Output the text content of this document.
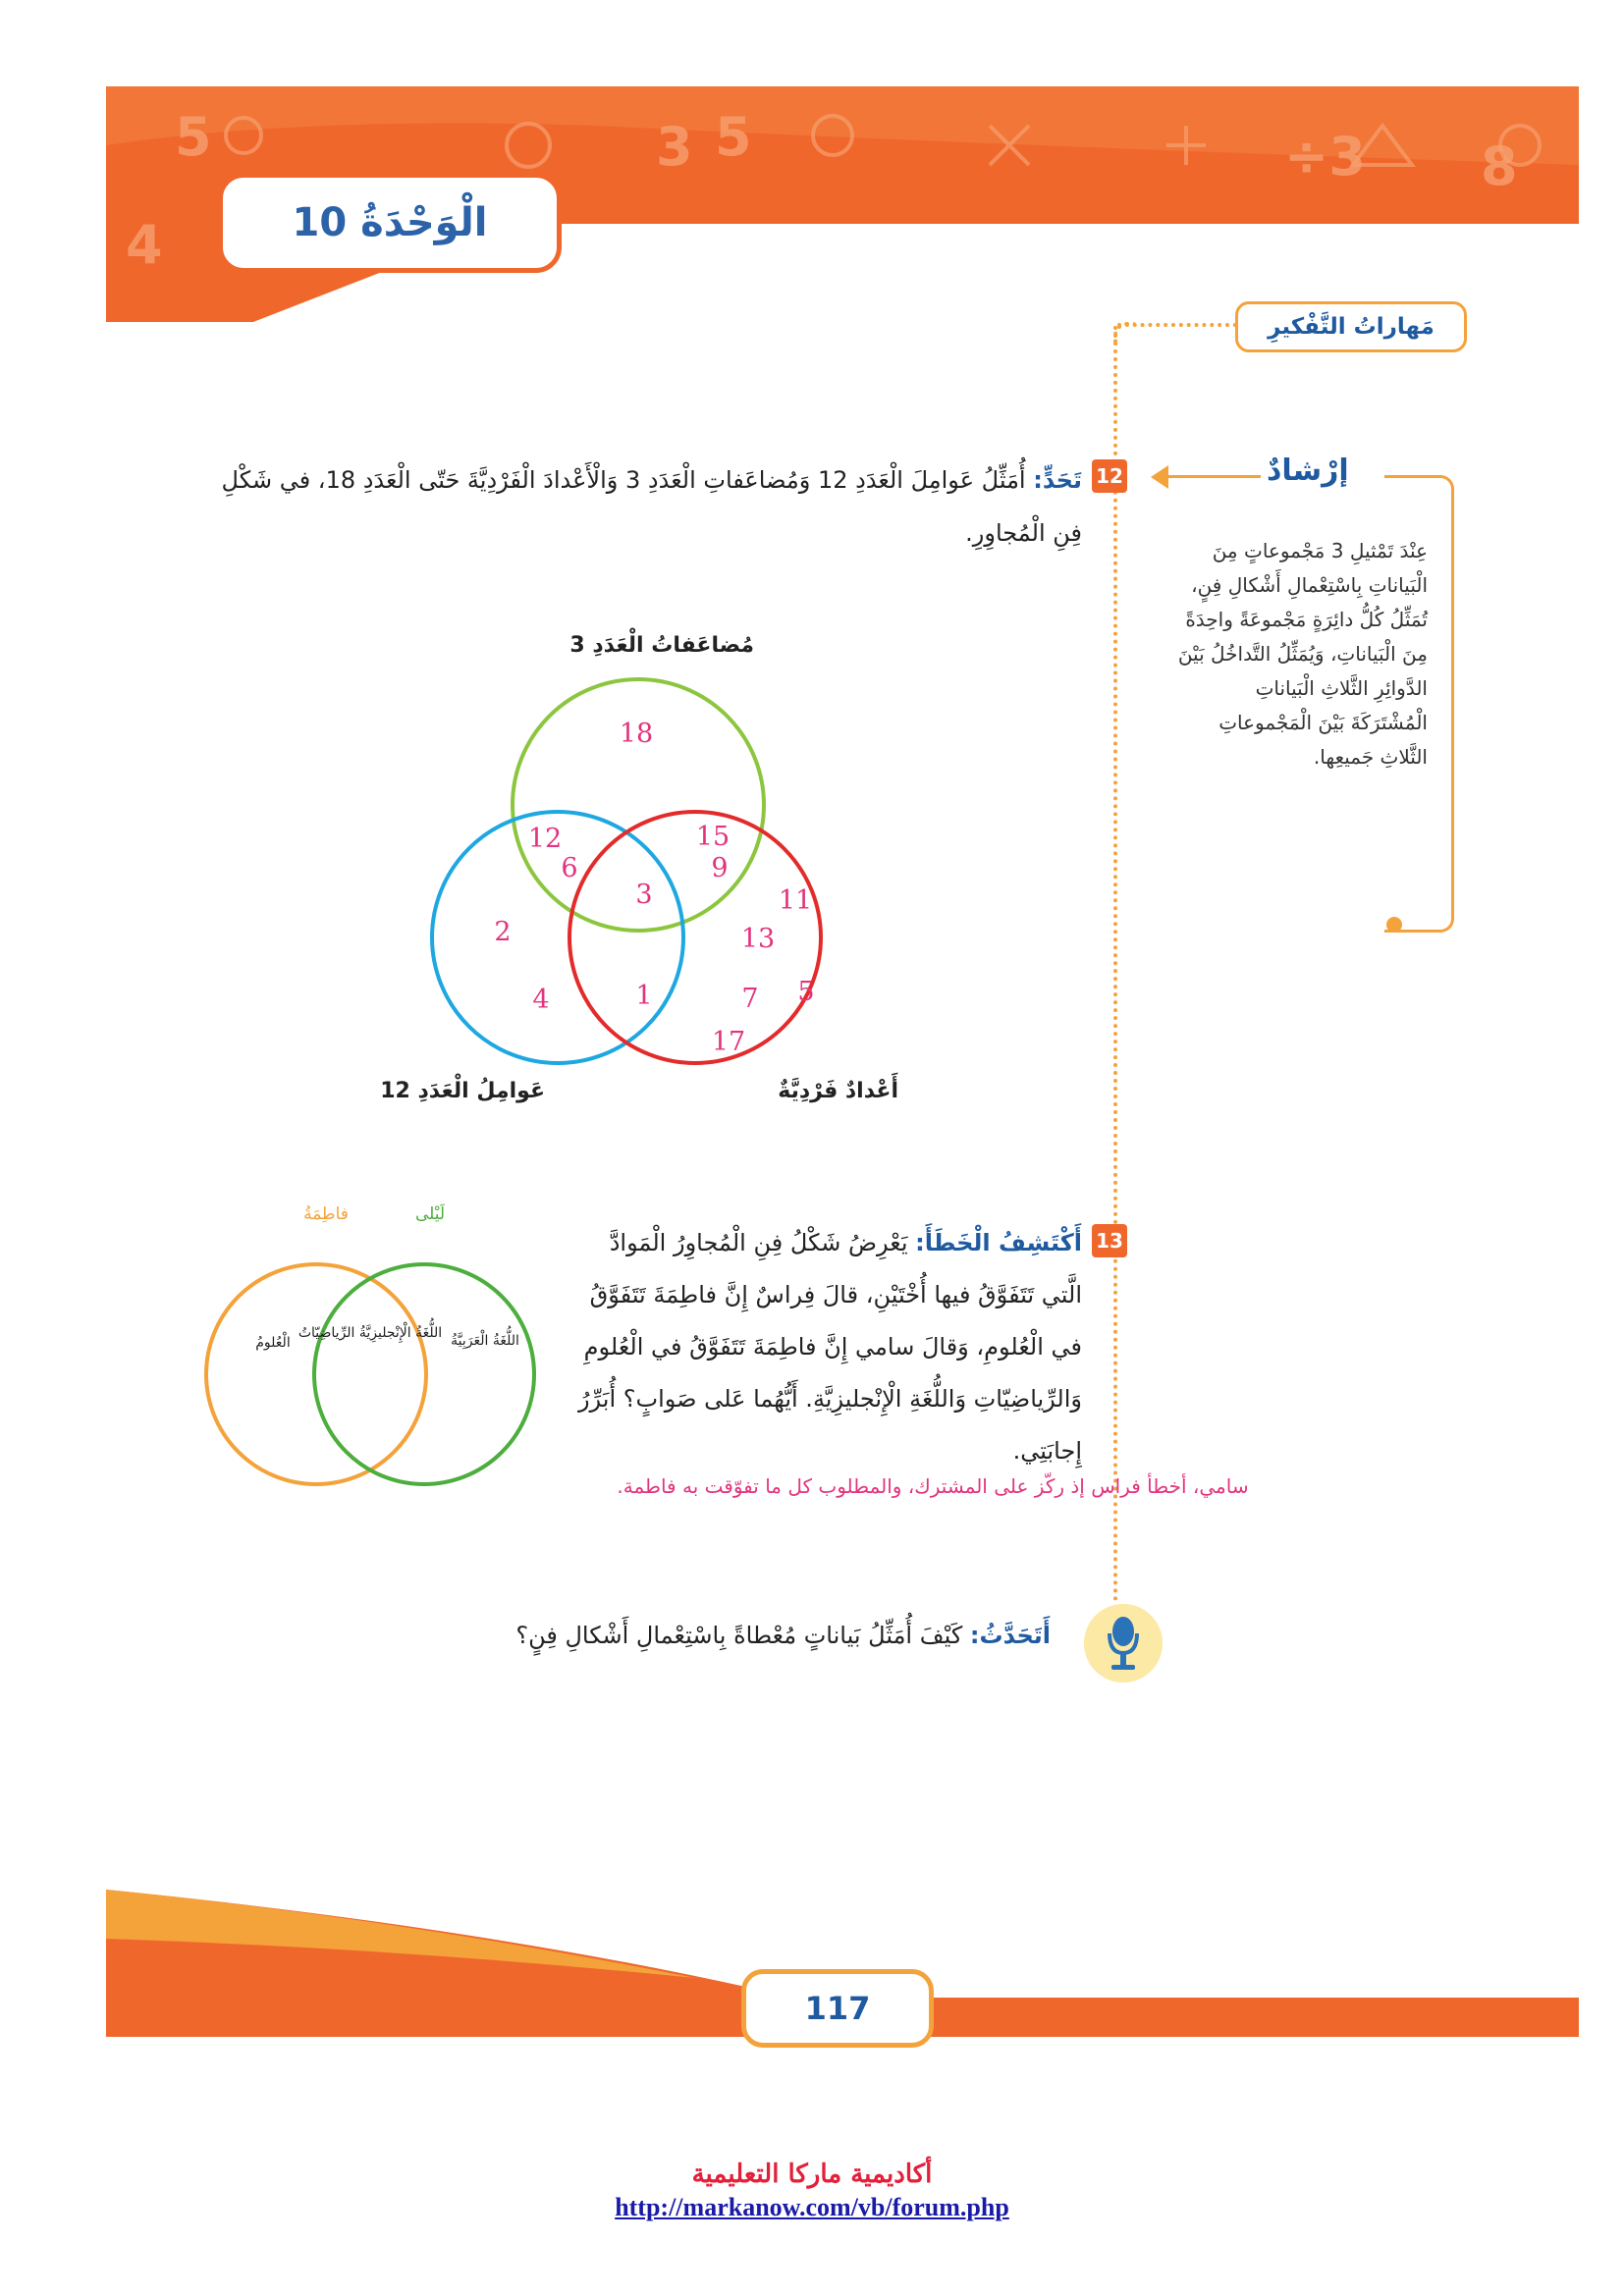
5	3 5	÷3 8
4	الْوَحْدَةُ 10
مَهاراتُ التَّفْكيرِ
إرْشادٌ
عِنْدَ تَمْثيلِ 3 مَجْموعاتٍ مِنَ الْبَياناتِ بِاسْتِعْمالِ أَشْكالِ فِنٍ، تُمَثِّلُ كُلُّ دائِرَةٍ مَجْموعَةً واحِدَةً مِنَ الْبَياناتِ، وَيُمَثِّلُ التَّداخُلُ بَيْنَ الدَّوائِرِ الثَّلاثِ الْبَياناتِ الْمُشْتَرَكَةَ بَيْنَ الْمَجْموعاتِ الثَّلاثِ جَميعِها.
12
تَحَدٍّ: أُمَثِّلُ عَوامِلَ الْعَدَدِ 12 وَمُضاعَفاتِ الْعَدَدِ 3 وَالْأَعْدادَ الْفَرْدِيَّةَ حَتّى الْعَدَدِ 18، في شَكْلِ فِنِ الْمُجاوِرِ.
18
12
6
15
9
3
2
4	1
11
13
7 5
17
مُضاعَفاتُ الْعَدَدِ 3
عَوامِلُ الْعَدَدِ 12	أَعْدادٌ فَرْدِيَّةٌ
13
أَكْتَشِفُ الْخَطَأَ: يَعْرِضُ شَكْلُ فِنِ الْمُجاوِرُ الْمَوادَّ الَّتي تَتَفَوَّقُ فيها أُخْتَيْنِ، قالَ فِراسٌ إِنَّ فاطِمَةَ تَتَفَوَّقُ في الْعُلومِ، وَقالَ سامي إِنَّ فاطِمَةَ تَتَفَوَّقُ في الْعُلومِ وَالرِّياضِيّاتِ وَاللُّغَةِ الْإِنْجليزِيَّةِ. أَيُّهُما عَلى صَوابٍ؟ أُبَرِّرُ إِجابَتِي.
سامي، أخطأ فراس إذ ركّز على المشترك، والمطلوب كل ما تفوّقت به فاطمة.
فاطِمَةُ	لَيْلى
الْعُلومُ
اللُّغَةُ الْإِنْجليزِيَّةُ الرِّياضِيّاتُ اللُّغَةُ الْعَرَبِيَّةُ
أَتَحَدَّثُ: كَيْفَ أُمَثِّلُ بَياناتٍ مُعْطاةً بِاسْتِعْمالِ أَشْكالِ فِنٍ؟
117
أكاديمية ماركا التعليمية
http://markanow.com/vb/forum.php
